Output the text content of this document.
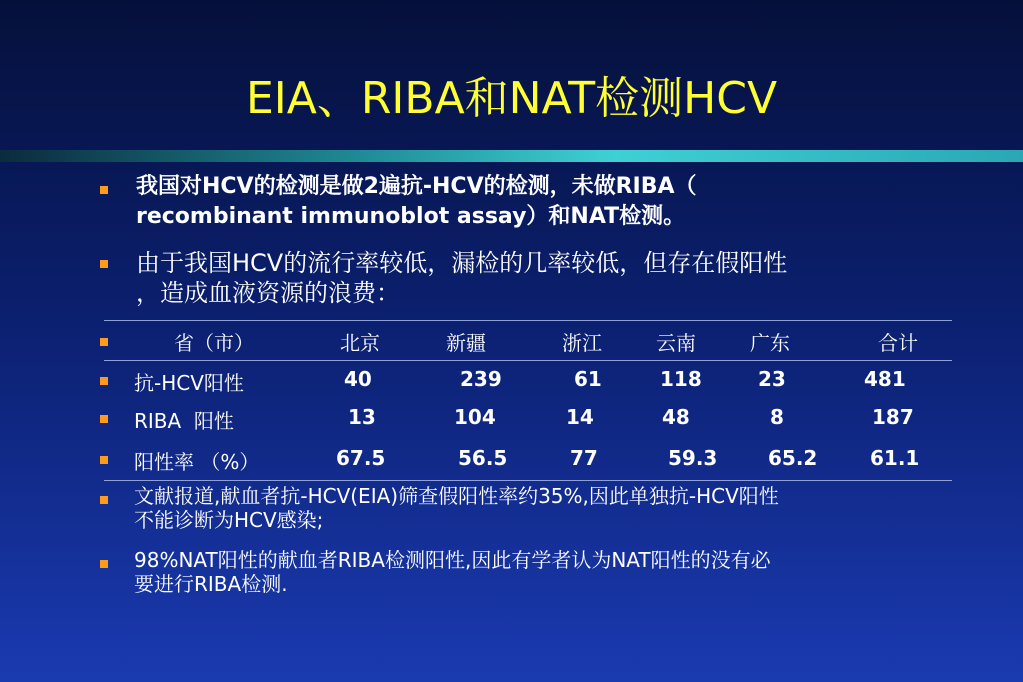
EIA、RIBA和NAT检测HCV
我国对HCV的检测是做2遍抗-HCV的检测，未做RIBA（
recombinant immunoblot assay）和NAT检测。
由于我国HCV的流行率较低，漏检的几率较低，但存在假阳性
，造成血液资源的浪费：
省（市）	北京	新疆	浙江	云南	广东	合计
抗-HCV阳性	40	239	61	118	23	481
RIBA  阳性	13	104	14	48	8	187
阳性率 （%）	67.5	56.5	77	59.3	65.2	61.1
文献报道,献血者抗-HCV(EIA)筛查假阳性率约35%,因此单独抗-HCV阳性
不能诊断为HCV感染;
98%NAT阳性的献血者RIBA检测阳性,因此有学者认为NAT阳性的没有必
要进行RIBA检测.
